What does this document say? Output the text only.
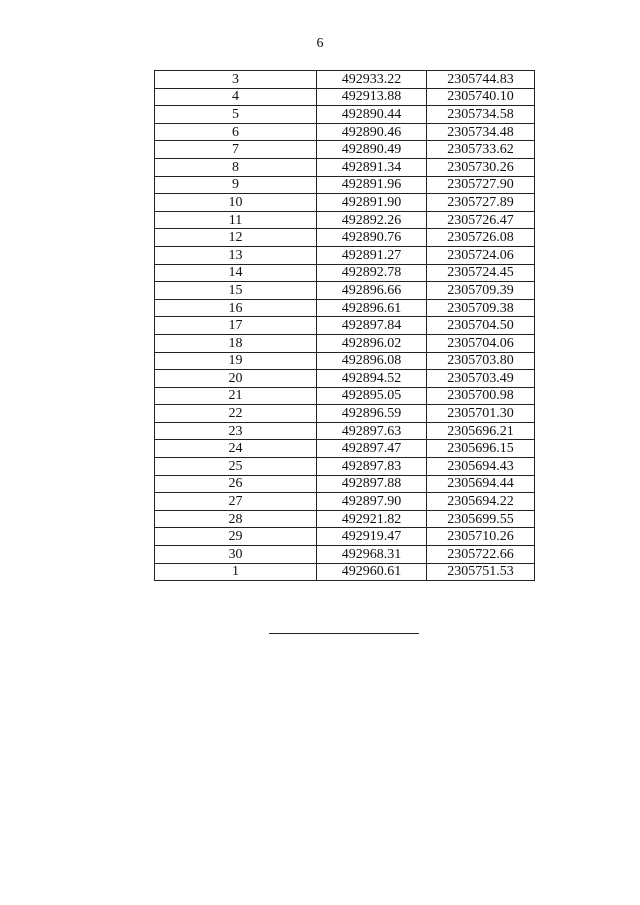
6
3	492933.22	2305744.83
4	492913.88	2305740.10
5	492890.44	2305734.58
6	492890.46	2305734.48
7	492890.49	2305733.62
8	492891.34	2305730.26
9	492891.96	2305727.90
10	492891.90	2305727.89
11	492892.26	2305726.47
12	492890.76	2305726.08
13	492891.27	2305724.06
14	492892.78	2305724.45
15	492896.66	2305709.39
16	492896.61	2305709.38
17	492897.84	2305704.50
18	492896.02	2305704.06
19	492896.08	2305703.80
20	492894.52	2305703.49
21	492895.05	2305700.98
22	492896.59	2305701.30
23	492897.63	2305696.21
24	492897.47	2305696.15
25	492897.83	2305694.43
26	492897.88	2305694.44
27	492897.90	2305694.22
28	492921.82	2305699.55
29	492919.47	2305710.26
30	492968.31	2305722.66
1	492960.61	2305751.53
